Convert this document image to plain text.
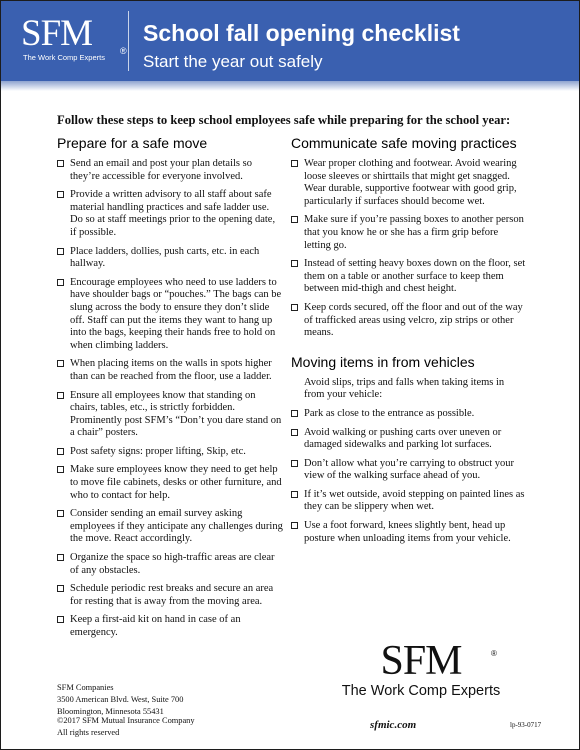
SFM	®
The Work Comp Experts
School fall opening checklist
Start the year out safely
Follow these steps to keep school employees safe while preparing for the school year:
Prepare for a safe move
Send an email and post your plan details so they’re accessible for everyone involved.
Provide a written advisory to all staff about safe material handling practices and safe ladder use. Do so at staff meetings prior to the opening date, if possible.
Place ladders, dollies, push carts, etc. in each hallway.
Encourage employees who need to use ladders to have shoulder bags or “pouches.” The bags can be slung across the body to ensure they don’t slide off. Staff can put the items they want to hang up into the bags, keeping their hands free to hold on when climbing ladders.
When placing items on the walls in spots higher than can be reached from the floor, use a ladder.
Ensure all employees know that standing on chairs, tables, etc., is strictly forbidden. Prominently post SFM’s “Don’t you dare stand on a chair” posters.
Post safety signs: proper lifting, Skip, etc.
Make sure employees know they need to get help to move file cabinets, desks or other furniture, and who to contact for help.
Consider sending an email survey asking employees if they anticipate any challenges during the move. React accordingly.
Organize the space so high-traffic areas are clear of any obstacles.
Schedule periodic rest breaks and secure an area for resting that is away from the moving area.
Keep a first-aid kit on hand in case of an emergency.
Communicate safe moving practices
Wear proper clothing and footwear. Avoid wearing loose sleeves or shirttails that might get snagged. Wear durable, supportive footwear with good grip, particularly if surfaces should become wet.
Make sure if you’re passing boxes to another person that you know he or she has a firm grip before letting go.
Instead of setting heavy boxes down on the floor, set them on a table or another surface to keep them between mid-thigh and chest height.
Keep cords secured, off the floor and out of the way of trafficked areas using velcro, zip strips or other means.
Moving items in from vehicles
Avoid slips, trips and falls when taking items in from your vehicle:
Park as close to the entrance as possible.
Avoid walking or pushing carts over uneven or damaged sidewalks and parking lot surfaces.
Don’t allow what you’re carrying to obstruct your view of the walking surface ahead of you.
If it’s wet outside, avoid stepping on painted lines as they can be slippery when wet.
Use a foot forward, knees slightly bent, head up posture when unloading items from your vehicle.
SFM Companies
3500 American Blvd. West, Suite 700
Bloomington, Minnesota 55431
©2017 SFM Mutual Insurance Company
All rights reserved
SFM	®
The Work Comp Experts
sfmic.com	lp-93-0717
